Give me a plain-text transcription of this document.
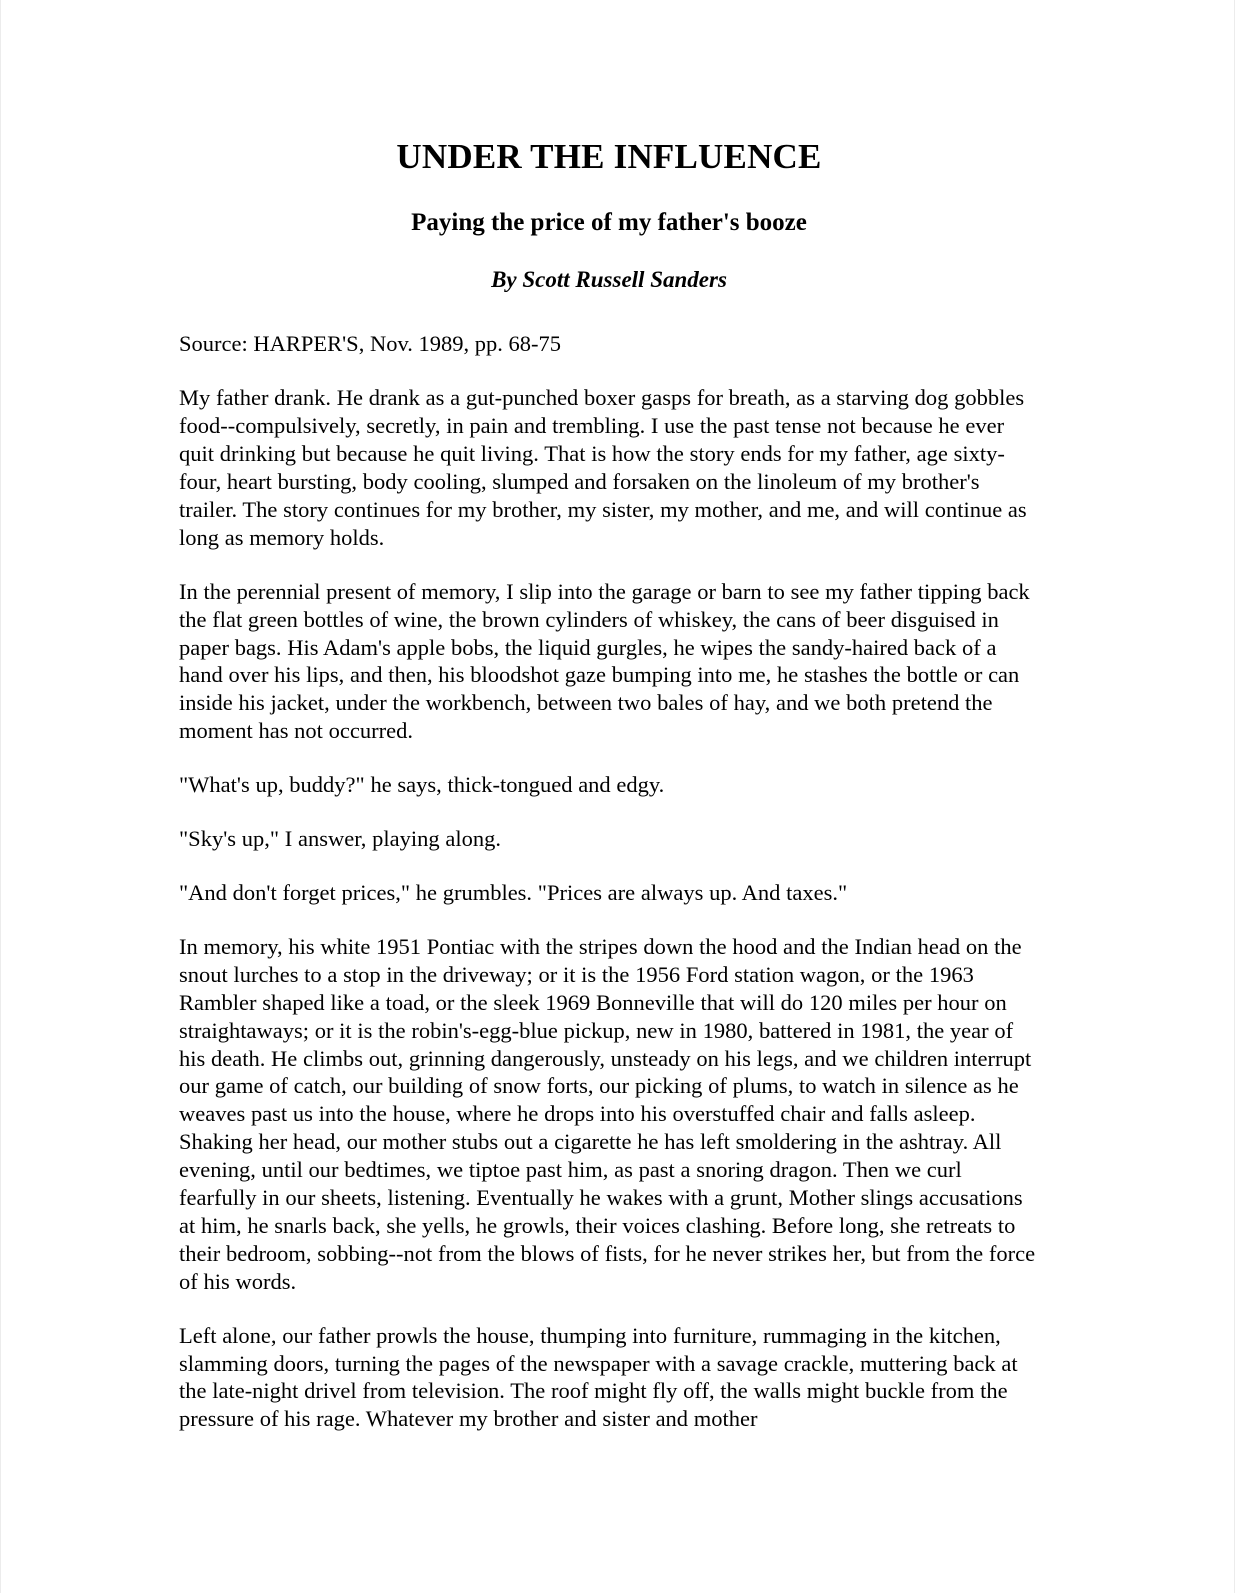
UNDER THE INFLUENCE
Paying the price of my father's booze
By Scott Russell Sanders
Source: HARPER'S, Nov. 1989, pp. 68-75

My father drank. He drank as a gut-punched boxer gasps for breath, as a starving dog gobbles food--compulsively, secretly, in pain and trembling. I use the past tense not because he ever quit drinking but because he quit living. That is how the story ends for my father, age sixty-four, heart bursting, body cooling, slumped and forsaken on the linoleum of my brother's trailer. The story continues for my brother, my sister, my mother, and me, and will continue as long as memory holds.

In the perennial present of memory, I slip into the garage or barn to see my father tipping back the flat green bottles of wine, the brown cylinders of whiskey, the cans of beer disguised in paper bags. His Adam's apple bobs, the liquid gurgles, he wipes the sandy-haired back of a hand over his lips, and then, his bloodshot gaze bumping into me, he stashes the bottle or can inside his jacket, under the workbench, between two bales of hay, and we both pretend the moment has not occurred.

"What's up, buddy?" he says, thick-tongued and edgy.

"Sky's up," I answer, playing along.

"And don't forget prices," he grumbles. "Prices are always up. And taxes."

In memory, his white 1951 Pontiac with the stripes down the hood and the Indian head on the snout lurches to a stop in the driveway; or it is the 1956 Ford station wagon, or the 1963 Rambler shaped like a toad, or the sleek 1969 Bonneville that will do 120 miles per hour on straightaways; or it is the robin's-egg-blue pickup, new in 1980, battered in 1981, the year of his death. He climbs out, grinning dangerously, unsteady on his legs, and we children interrupt our game of catch, our building of snow forts, our picking of plums, to watch in silence as he weaves past us into the house, where he drops into his overstuffed chair and falls asleep. Shaking her head, our mother stubs out a cigarette he has left smoldering in the ashtray. All evening, until our bedtimes, we tiptoe past him, as past a snoring dragon. Then we curl fearfully in our sheets, listening. Eventually he wakes with a grunt, Mother slings accusations at him, he snarls back, she yells, he growls, their voices clashing. Before long, she retreats to their bedroom, sobbing--not from the blows of fists, for he never strikes her, but from the force of his words.

Left alone, our father prowls the house, thumping into furniture, rummaging in the kitchen, slamming doors, turning the pages of the newspaper with a savage crackle, muttering back at the late-night drivel from television. The roof might fly off, the walls might buckle from the pressure of his rage. Whatever my brother and sister and mother
